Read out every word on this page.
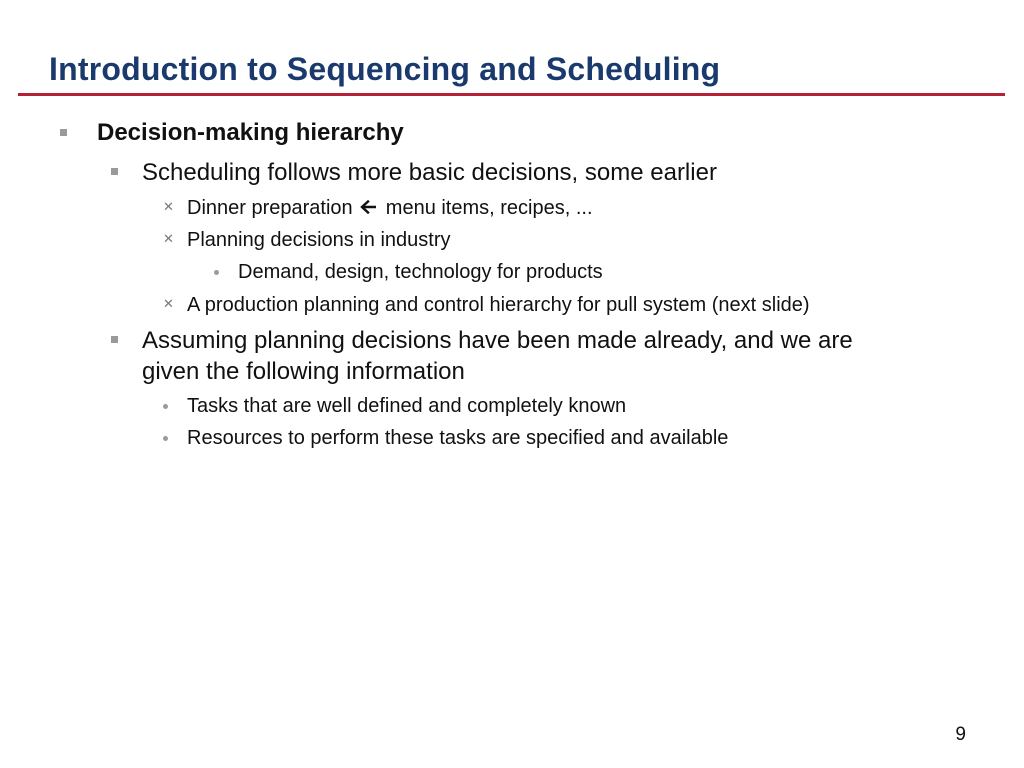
Introduction to Sequencing and Scheduling
Decision-making hierarchy
Scheduling follows more basic decisions, some earlier
✕ Dinner preparation menu items, recipes, ...
✕ Planning decisions in industry
Demand, design, technology for products
✕ A production planning and control hierarchy for pull system (next slide)
Assuming planning decisions have been made already, and we are
given the following information
Tasks that are well defined and completely known
Resources to perform these tasks are specified and available
9
